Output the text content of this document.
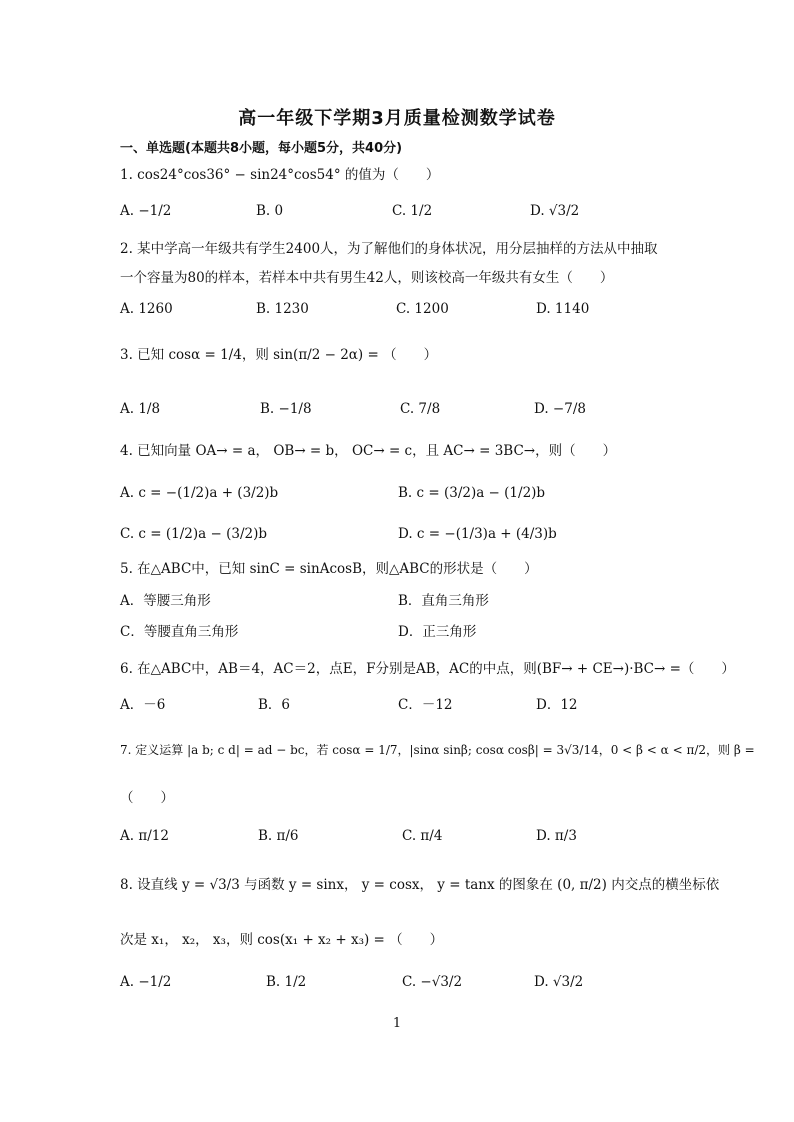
高一年级下学期3月质量检测数学试卷
一、单选题(本题共8小题，每小题5分，共40分)
1. cos24°cos36° − sin24°cos54° 的值为（　　）
A. −1/2	B. 0	C. 1/2	D. √3/2
2. 某中学高一年级共有学生2400人，为了解他们的身体状况，用分层抽样的方法从中抽取
一个容量为80的样本，若样本中共有男生42人，则该校高一年级共有女生（　　）
A. 1260	B. 1230	C. 1200	D. 1140
3. 已知 cosα = 1/4，则 sin(π/2 − 2α) = （　　）
A. 1/8	B. −1/8	C. 7/8	D. −7/8
4. 已知向量 OA→ = a， OB→ = b， OC→ = c，且 AC→ = 3BC→，则（　　）
A. c = −(1/2)a + (3/2)b	B. c = (3/2)a − (1/2)b
C. c = (1/2)a − (3/2)b	D. c = −(1/3)a + (4/3)b
5. 在△ABC中，已知 sinC = sinAcosB，则△ABC的形状是（　　）
A．等腰三角形	B．直角三角形
C．等腰直角三角形	D．正三角形
6. 在△ABC中，AB＝4，AC＝2，点E，F分别是AB，AC的中点，则(BF→ + CE→)·BC→ =（　　）
A．－6	B．6	C．－12	D．12
7. 定义运算 |a b; c d| = ad − bc，若 cosα = 1/7，|sinα sinβ; cosα cosβ| = 3√3/14，0 < β < α < π/2，则 β =
（　　）
A. π/12	B. π/6	C. π/4	D. π/3
8. 设直线 y = √3/3 与函数 y = sinx， y = cosx， y = tanx 的图象在 (0, π/2) 内交点的横坐标依
次是 x₁， x₂， x₃，则 cos(x₁ + x₂ + x₃) = （　　）
A. −1/2	B. 1/2	C. −√3/2	D. √3/2
1
